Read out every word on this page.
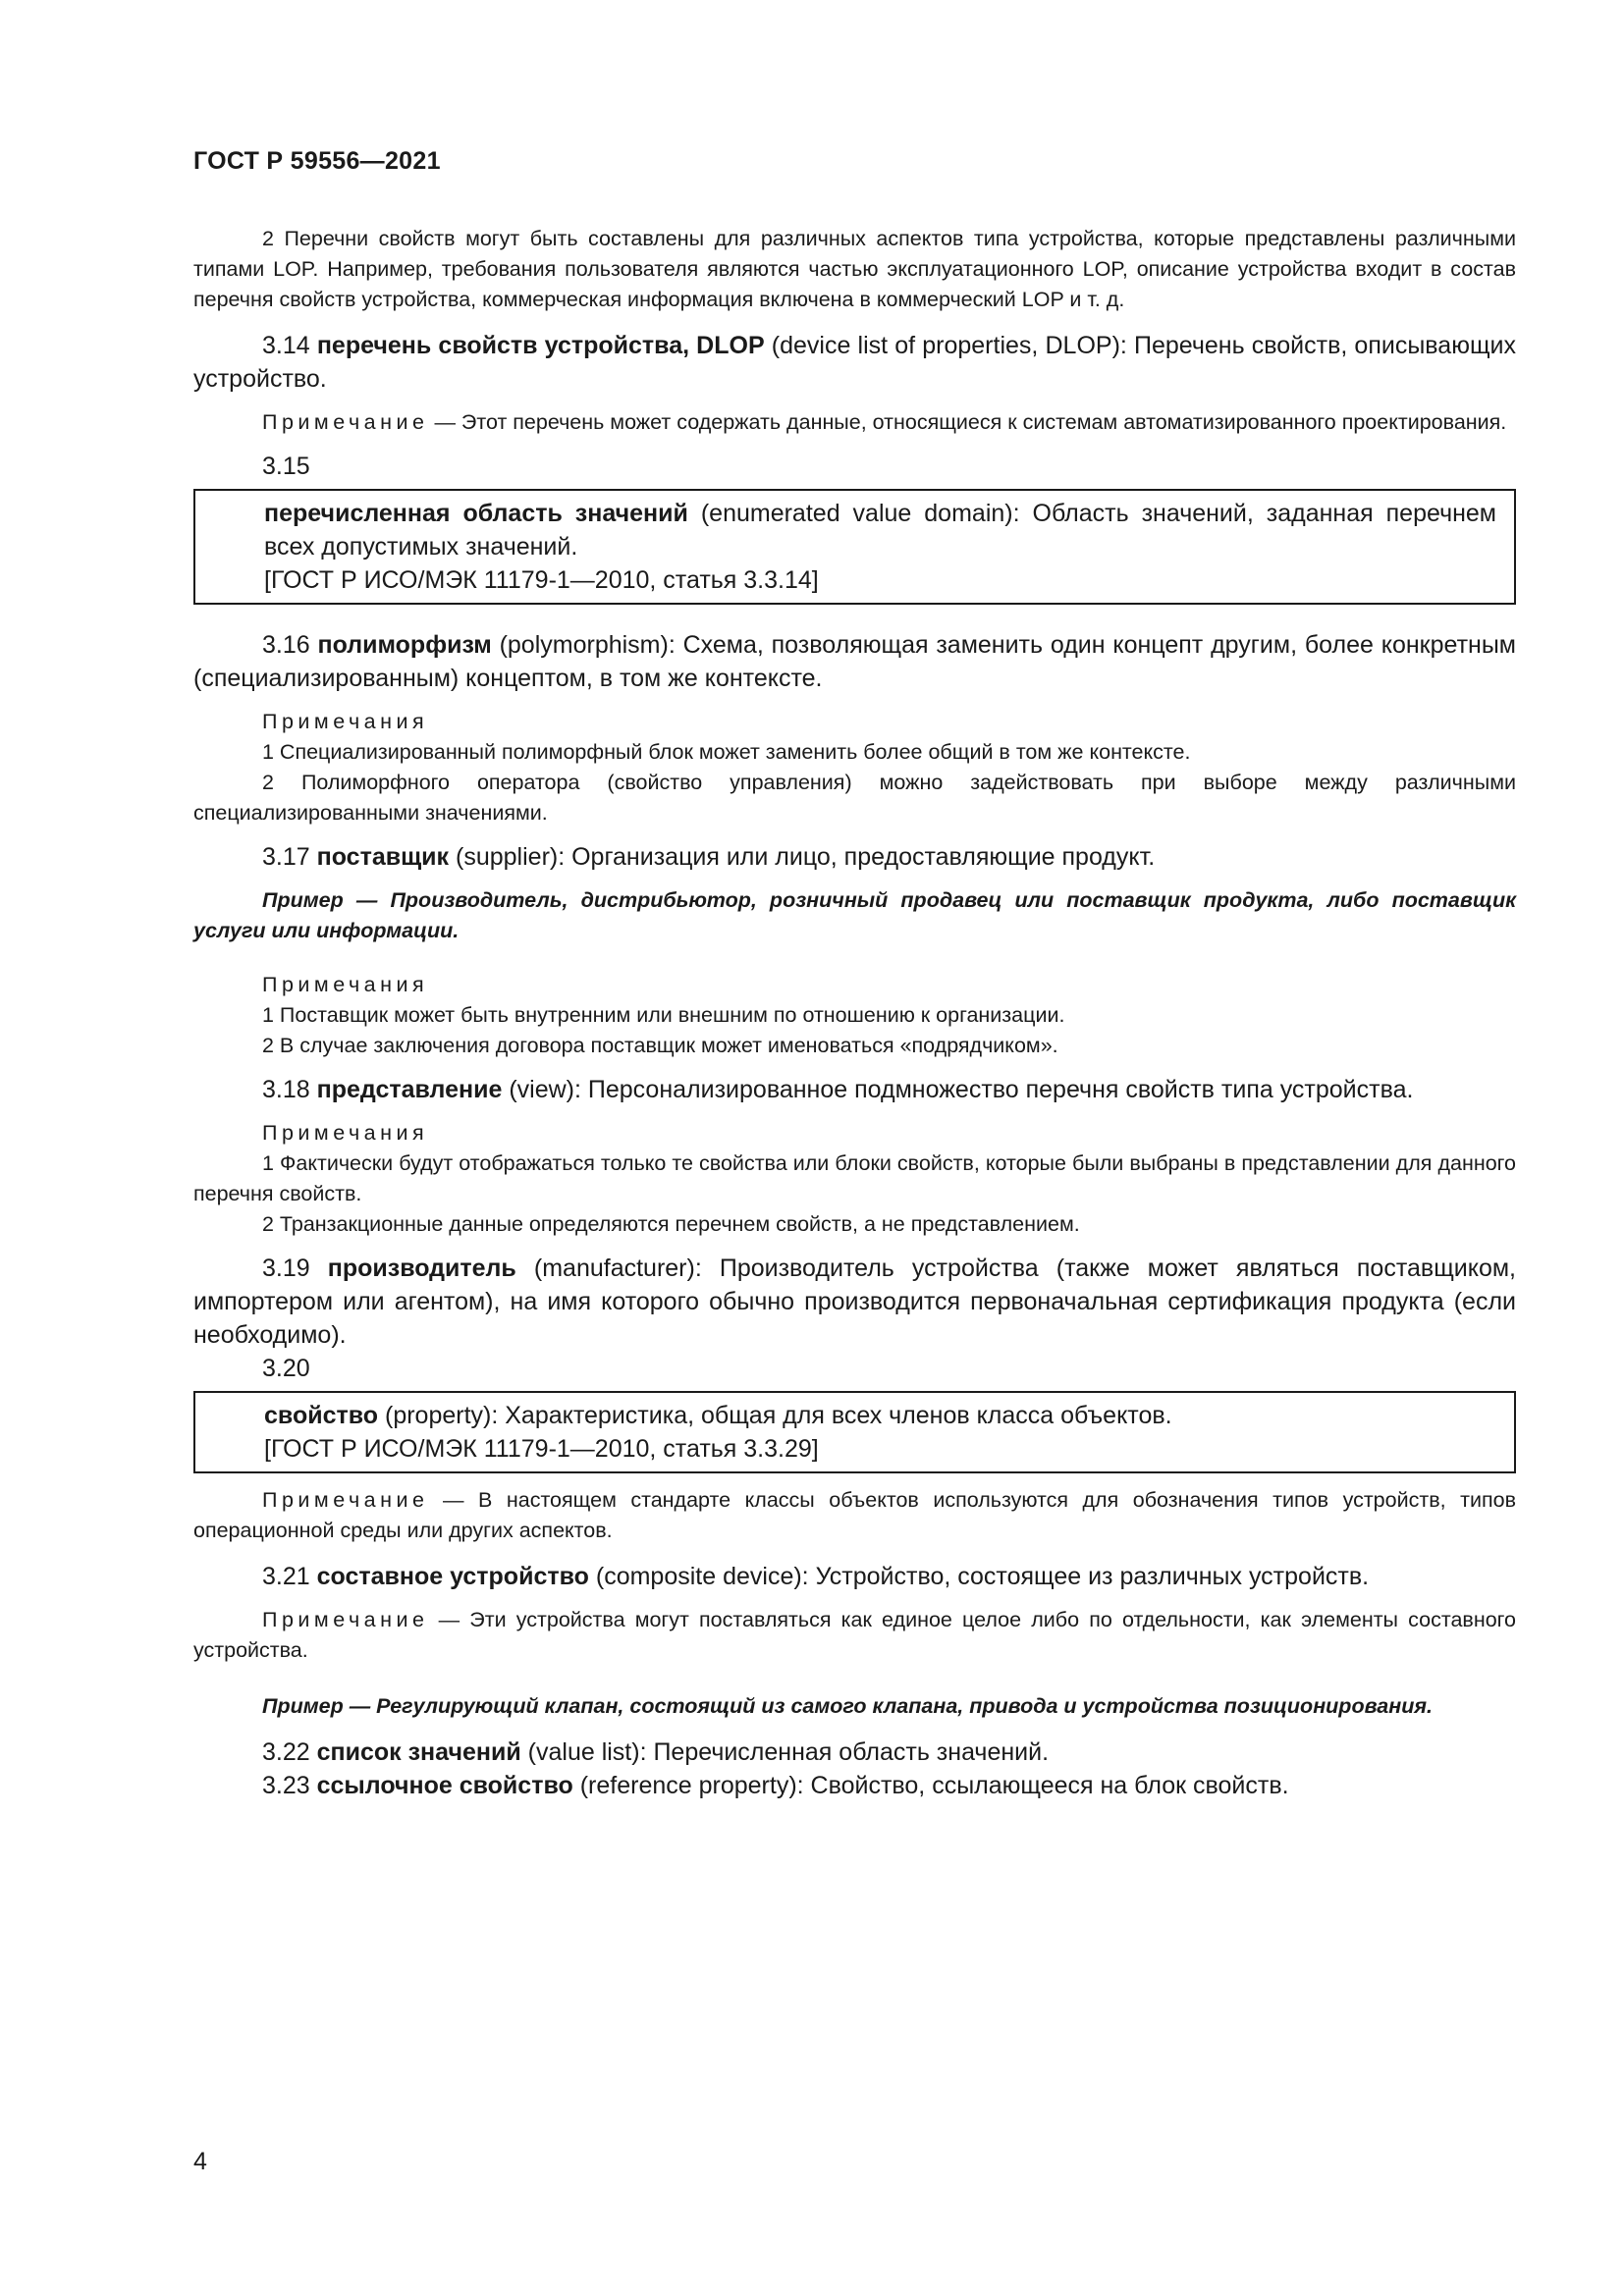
ГОСТ Р 59556—2021

2 Перечни свойств могут быть составлены для различных аспектов типа устройства, которые представлены различными типами LOP. Например, требования пользователя являются частью эксплуатационного LOP, описание устройства входит в состав перечня свойств устройства, коммерческая информация включена в коммерческий LOP и т. д.

3.14 перечень свойств устройства, DLOP (device list of properties, DLOP): Перечень свойств, описывающих устройство.

Примечание — Этот перечень может содержать данные, относящиеся к системам автоматизированного проектирования.

3.15

перечисленная область значений (enumerated value domain): Область значений, заданная перечнем всех допустимых значений.

[ГОСТ Р ИСО/МЭК 11179-1—2010, статья 3.3.14]

3.16 полиморфизм (polymorphism): Схема, позволяющая заменить один концепт другим, более конкретным (специализированным) концептом, в том же контексте.

Примечания

1 Специализированный полиморфный блок может заменить более общий в том же контексте.

2 Полиморфного оператора (свойство управления) можно задействовать при выборе между различными специализированными значениями.

3.17 поставщик (supplier): Организация или лицо, предоставляющие продукт.

Пример — Производитель, дистрибьютор, розничный продавец или поставщик продукта, либо поставщик услуги или информации.

Примечания

1 Поставщик может быть внутренним или внешним по отношению к организации.

2 В случае заключения договора поставщик может именоваться «подрядчиком».

3.18 представление (view): Персонализированное подмножество перечня свойств типа устройства.

Примечания

1 Фактически будут отображаться только те свойства или блоки свойств, которые были выбраны в представлении для данного перечня свойств.

2 Транзакционные данные определяются перечнем свойств, а не представлением.

3.19 производитель (manufacturer): Производитель устройства (также может являться поставщиком, импортером или агентом), на имя которого обычно производится первоначальная сертификация продукта (если необходимо).

3.20

свойство (property): Характеристика, общая для всех членов класса объектов.

[ГОСТ Р ИСО/МЭК 11179-1—2010, статья 3.3.29]

Примечание — В настоящем стандарте классы объектов используются для обозначения типов устройств, типов операционной среды или других аспектов.

3.21 составное устройство (composite device): Устройство, состоящее из различных устройств.

Примечание — Эти устройства могут поставляться как единое целое либо по отдельности, как элементы составного устройства.

Пример — Регулирующий клапан, состоящий из самого клапана, привода и устройства позиционирования.

3.22 список значений (value list): Перечисленная область значений.

3.23 ссылочное свойство (reference property): Свойство, ссылающееся на блок свойств.

4
